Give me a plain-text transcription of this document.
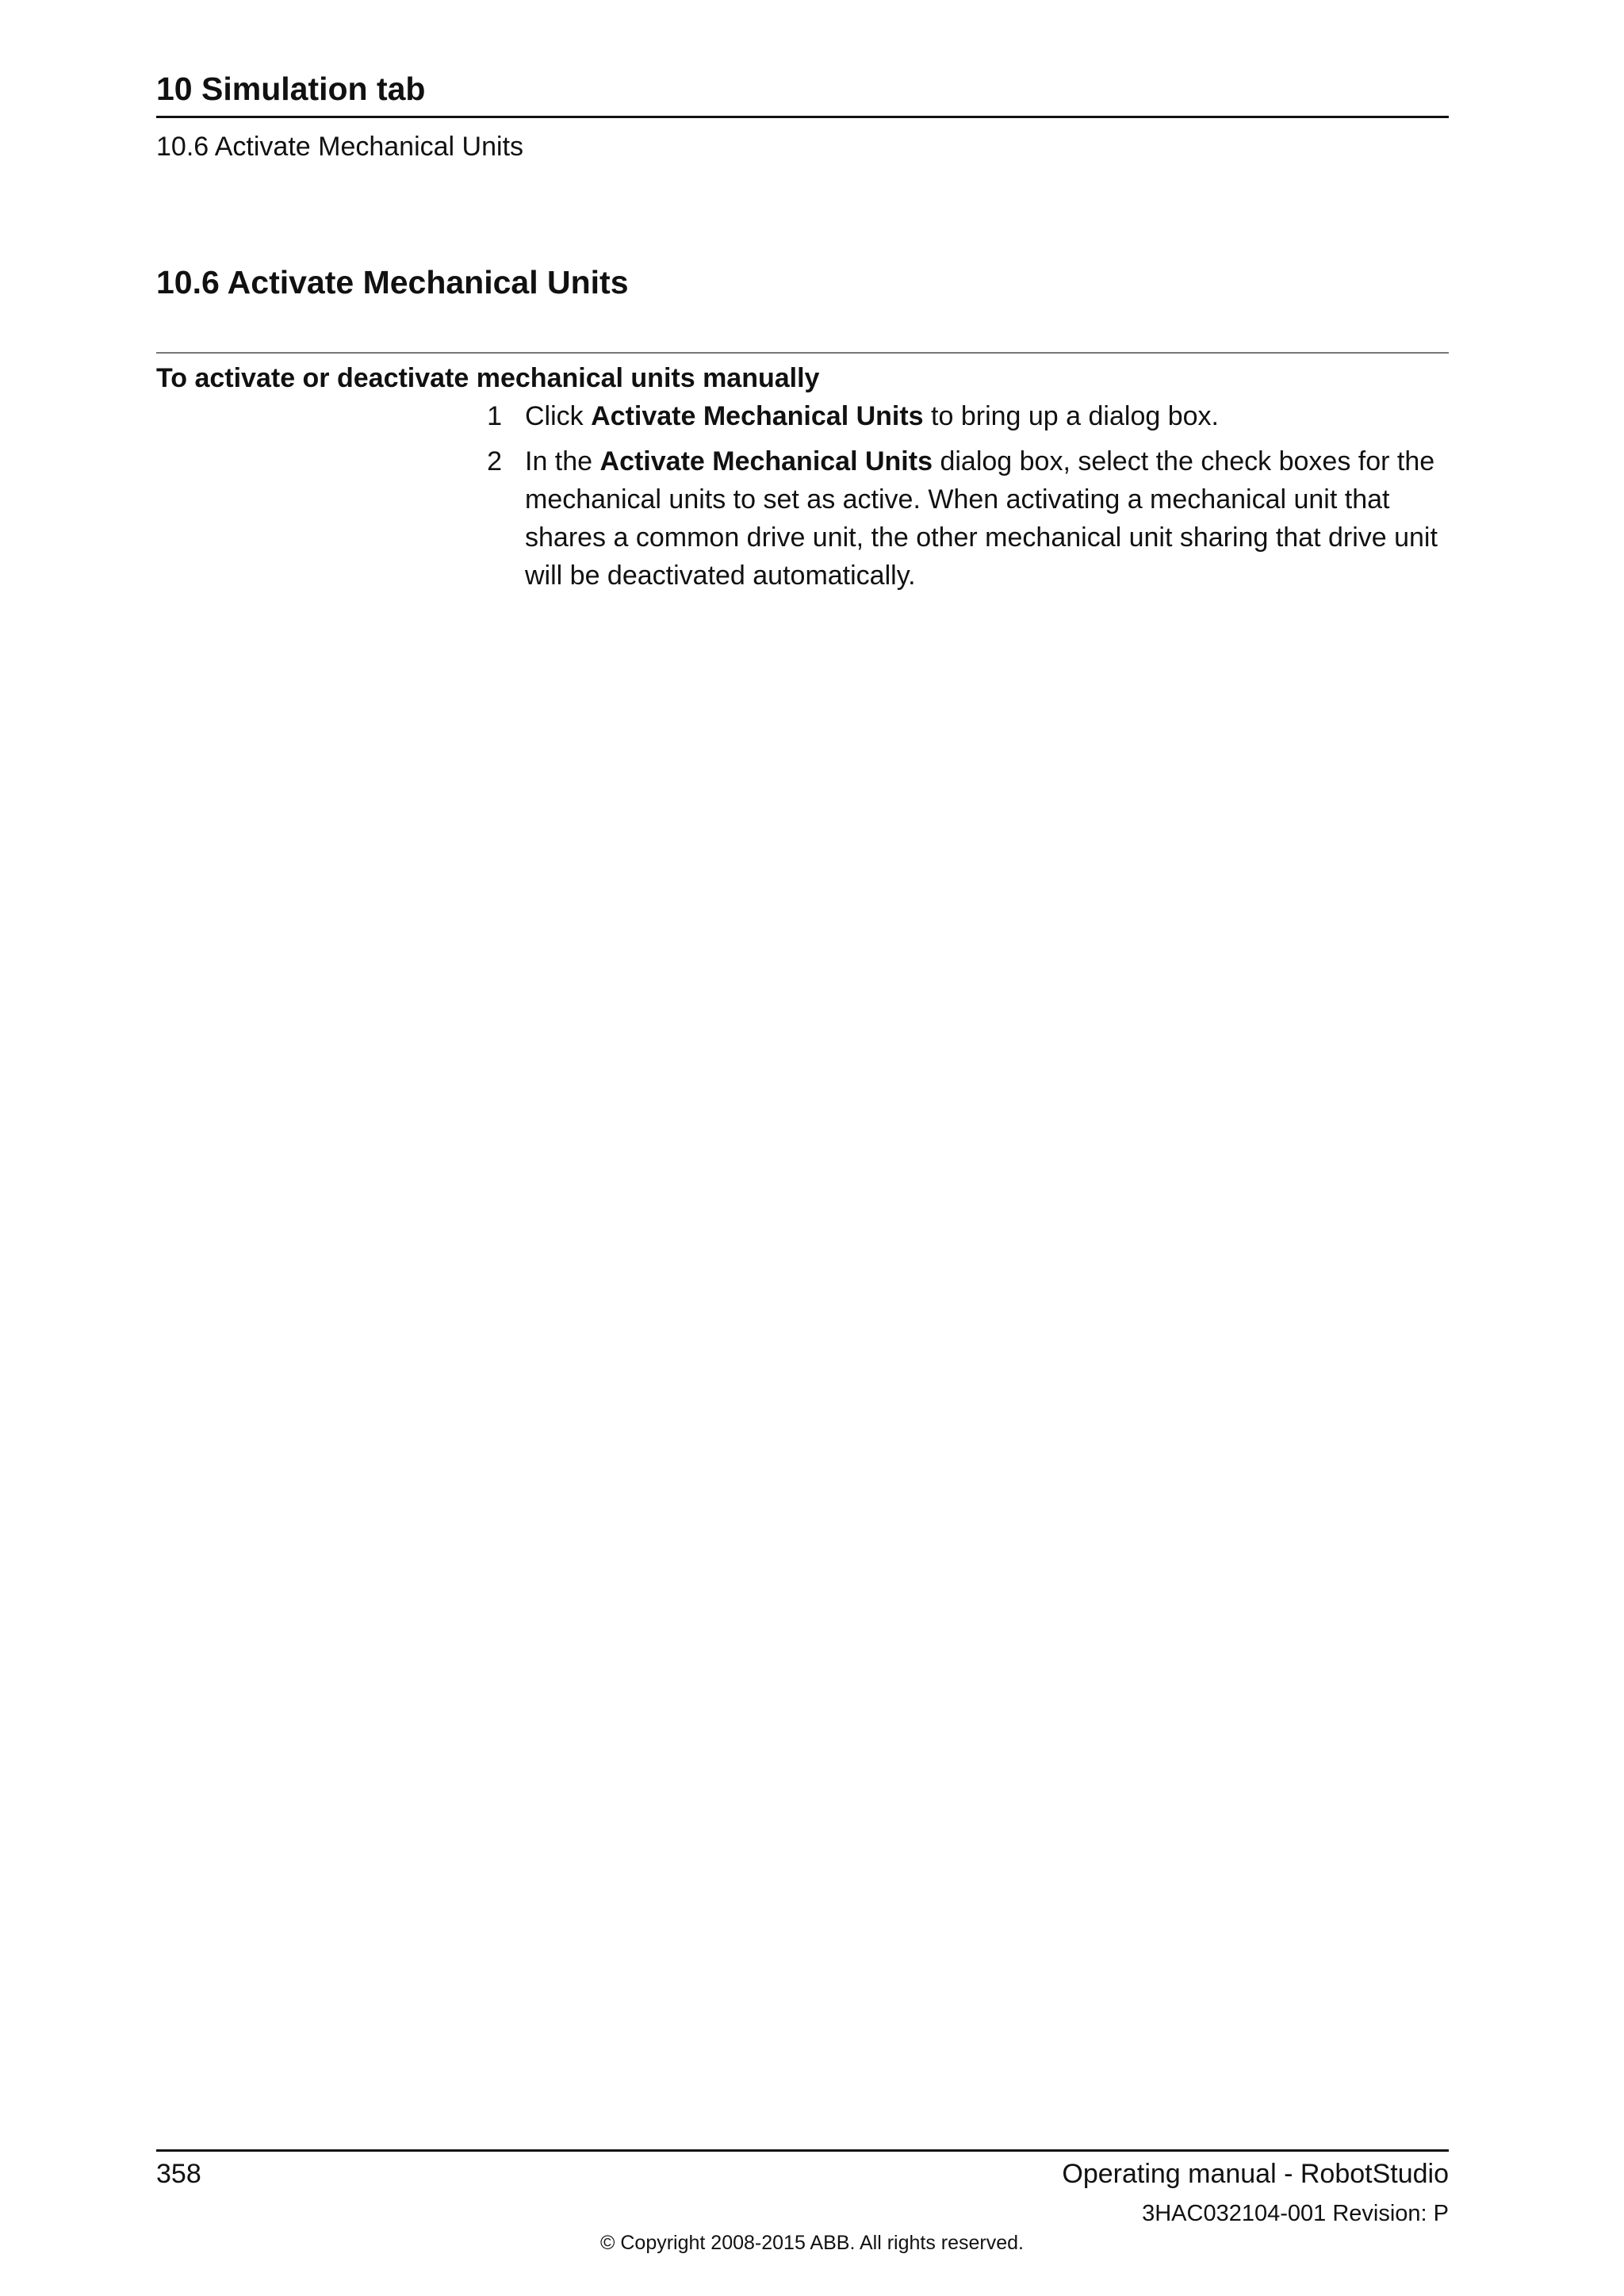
10 Simulation tab
10.6 Activate Mechanical Units
10.6 Activate Mechanical Units
To activate or deactivate mechanical units manually
1 Click Activate Mechanical Units to bring up a dialog box.
2 In the Activate Mechanical Units dialog box, select the check boxes for the mechanical units to set as active. When activating a mechanical unit that shares a common drive unit, the other mechanical unit sharing that drive unit will be deactivated automatically.
358	Operating manual - RobotStudio
3HAC032104-001 Revision: P
© Copyright 2008-2015 ABB. All rights reserved.
